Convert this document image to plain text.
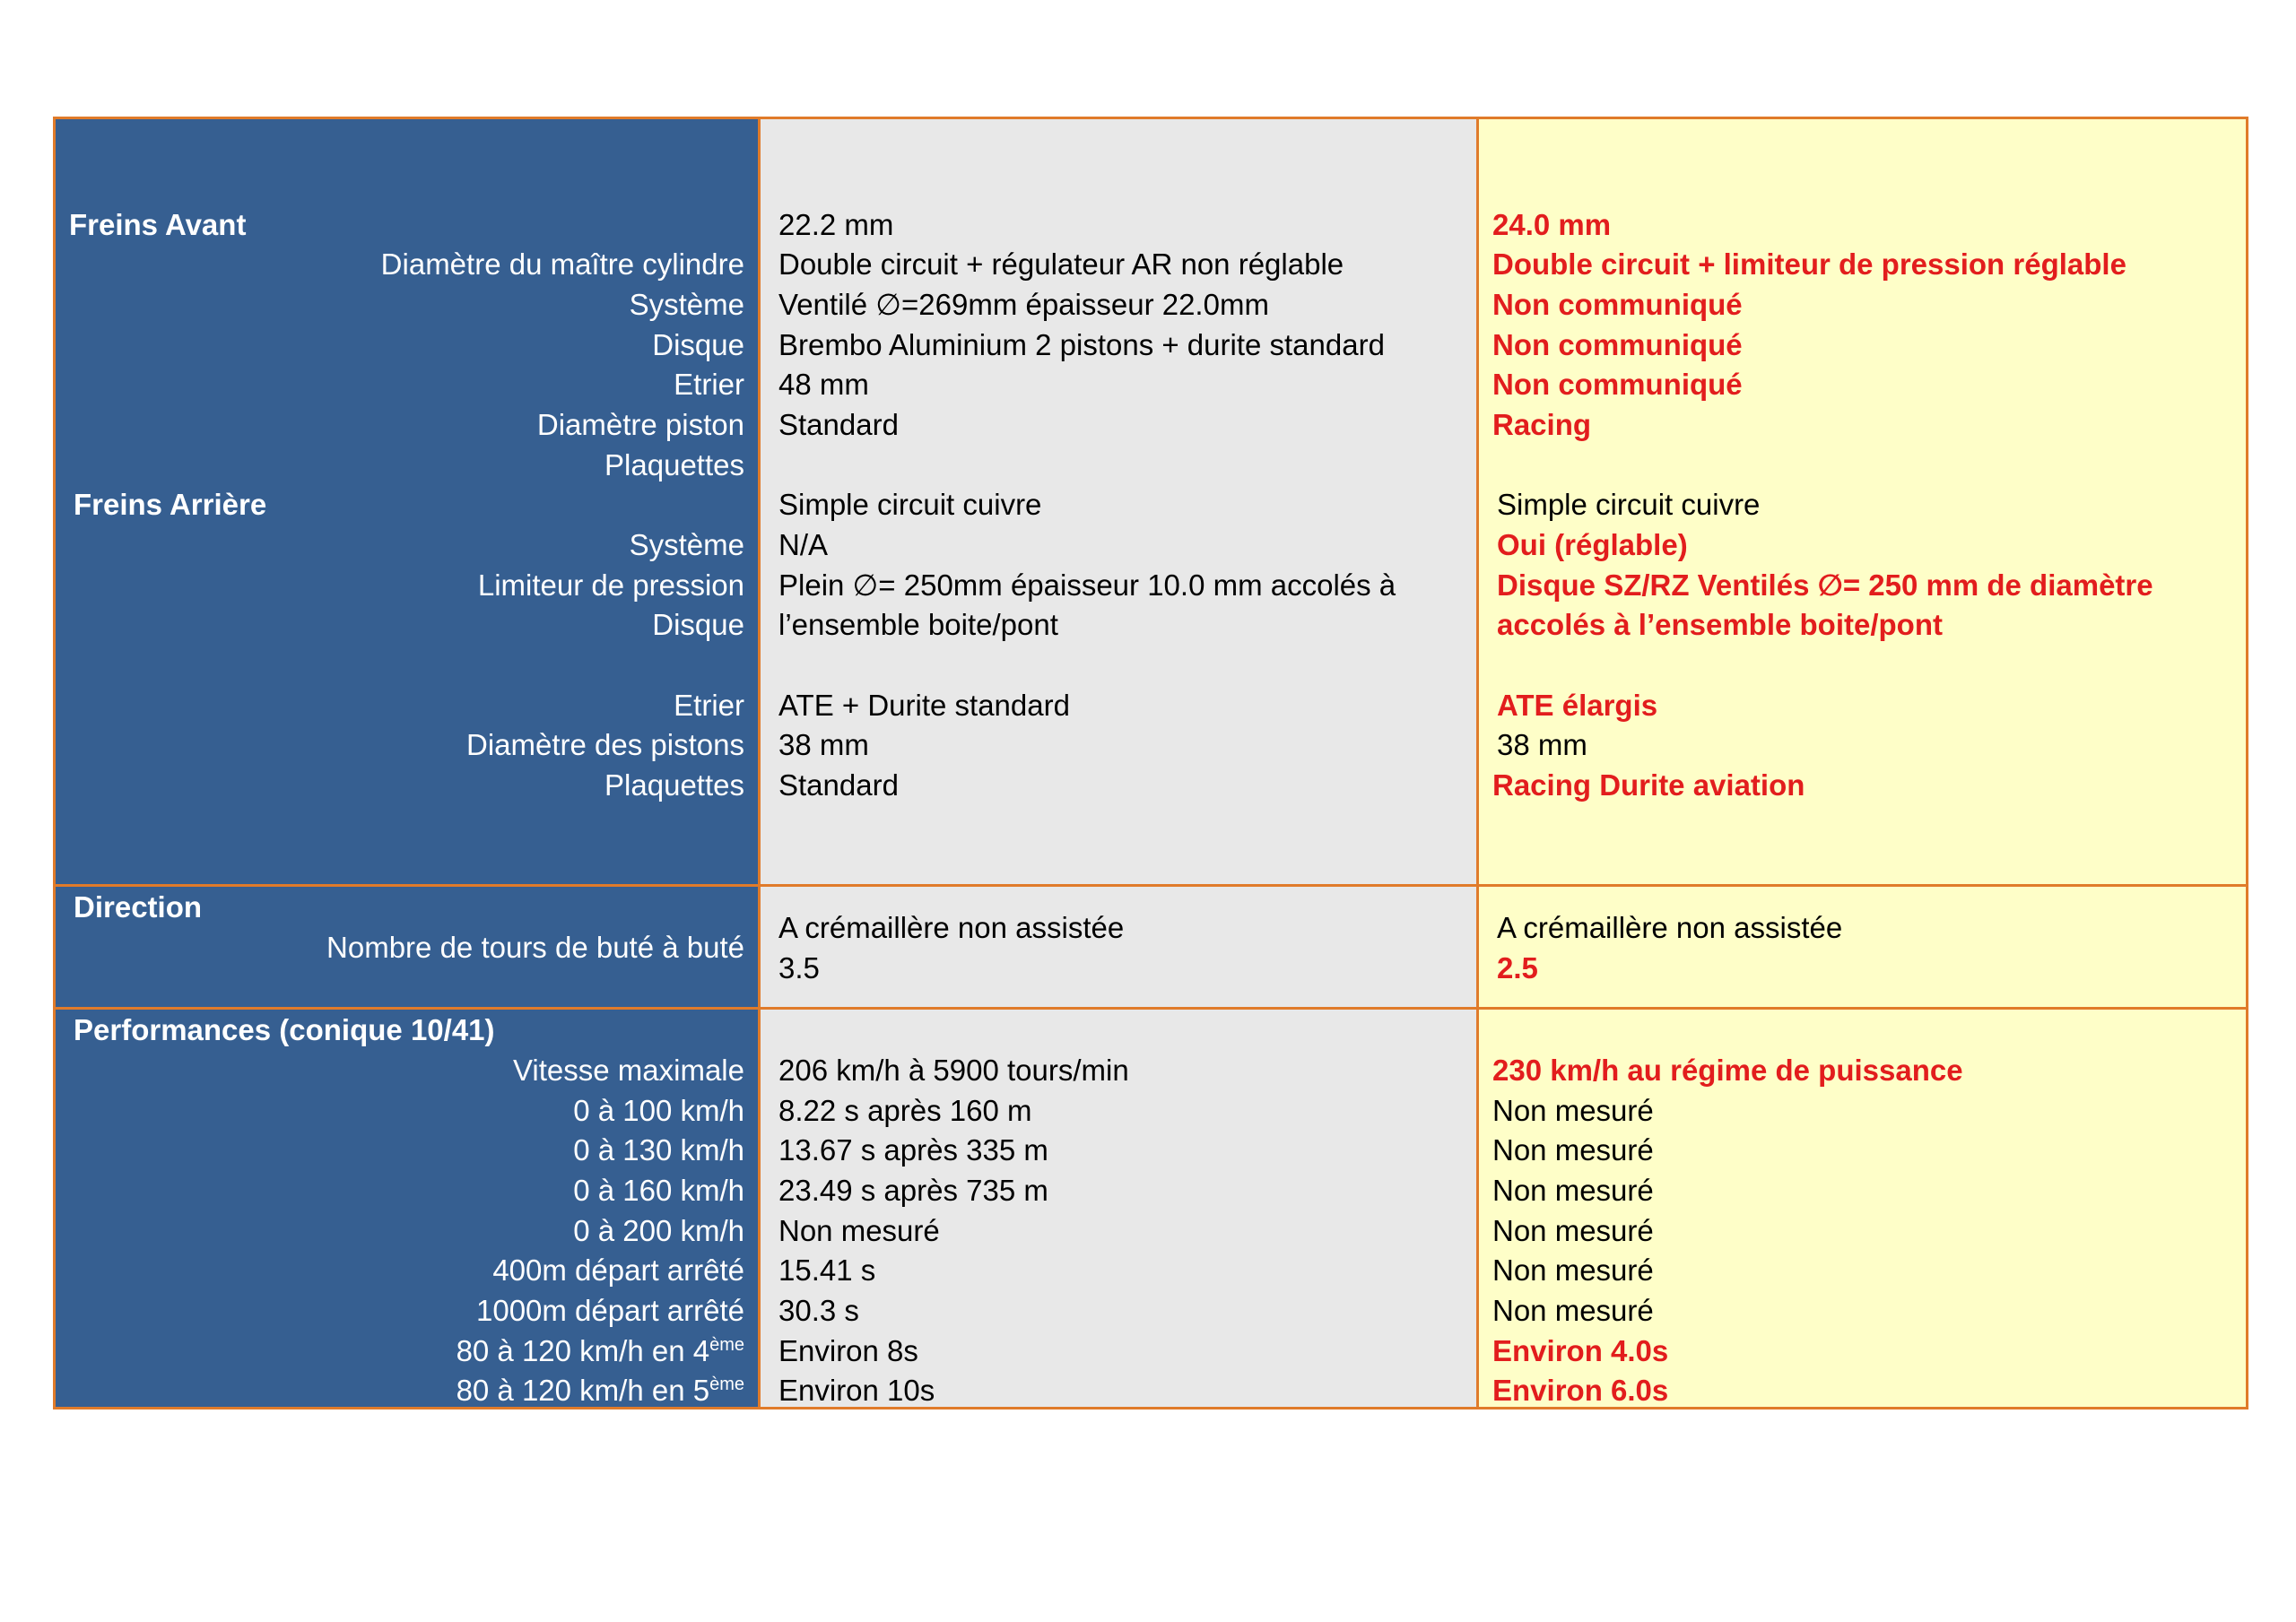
Freins Avant
Diamètre du maître cylindre
Système
Disque
Etrier
Diamètre piston
Plaquettes
Freins Arrière
Système
Limiteur de pression
Disque
Etrier
Diamètre des pistons
Plaquettes
Direction
Nombre de tours de buté à buté
Performances (conique 10/41)
Vitesse maximale
0 à 100 km/h
0 à 130 km/h
0 à 160 km/h
0 à 200 km/h
400m départ arrêté
1000m départ arrêté
80 à 120 km/h en 4ème
80 à 120 km/h en 5ème
22.2 mm
Double circuit + régulateur AR non réglable
Ventilé ∅=269mm épaisseur 22.0mm
Brembo Aluminium 2 pistons + durite standard
48 mm
Standard
Simple circuit cuivre
N/A
Plein ∅= 250mm épaisseur 10.0 mm accolés à
l’ensemble boite/pont
ATE + Durite standard
38 mm
Standard
A crémaillère non assistée
3.5
206 km/h à 5900 tours/min
8.22 s après 160 m
13.67 s après 335 m
23.49 s après 735 m
Non mesuré
15.41 s
30.3 s
Environ 8s
Environ 10s
24.0 mm
Double circuit + limiteur de pression réglable
Non communiqué
Non communiqué
Non communiqué
Racing
Simple circuit cuivre
Oui (réglable)
Disque SZ/RZ Ventilés ∅= 250 mm de diamètre
accolés à l’ensemble boite/pont
ATE élargis
38 mm
Racing Durite aviation
A crémaillère non assistée
2.5
230 km/h au régime de puissance
Non mesuré
Non mesuré
Non mesuré
Non mesuré
Non mesuré
Non mesuré
Environ 4.0s
Environ 6.0s
